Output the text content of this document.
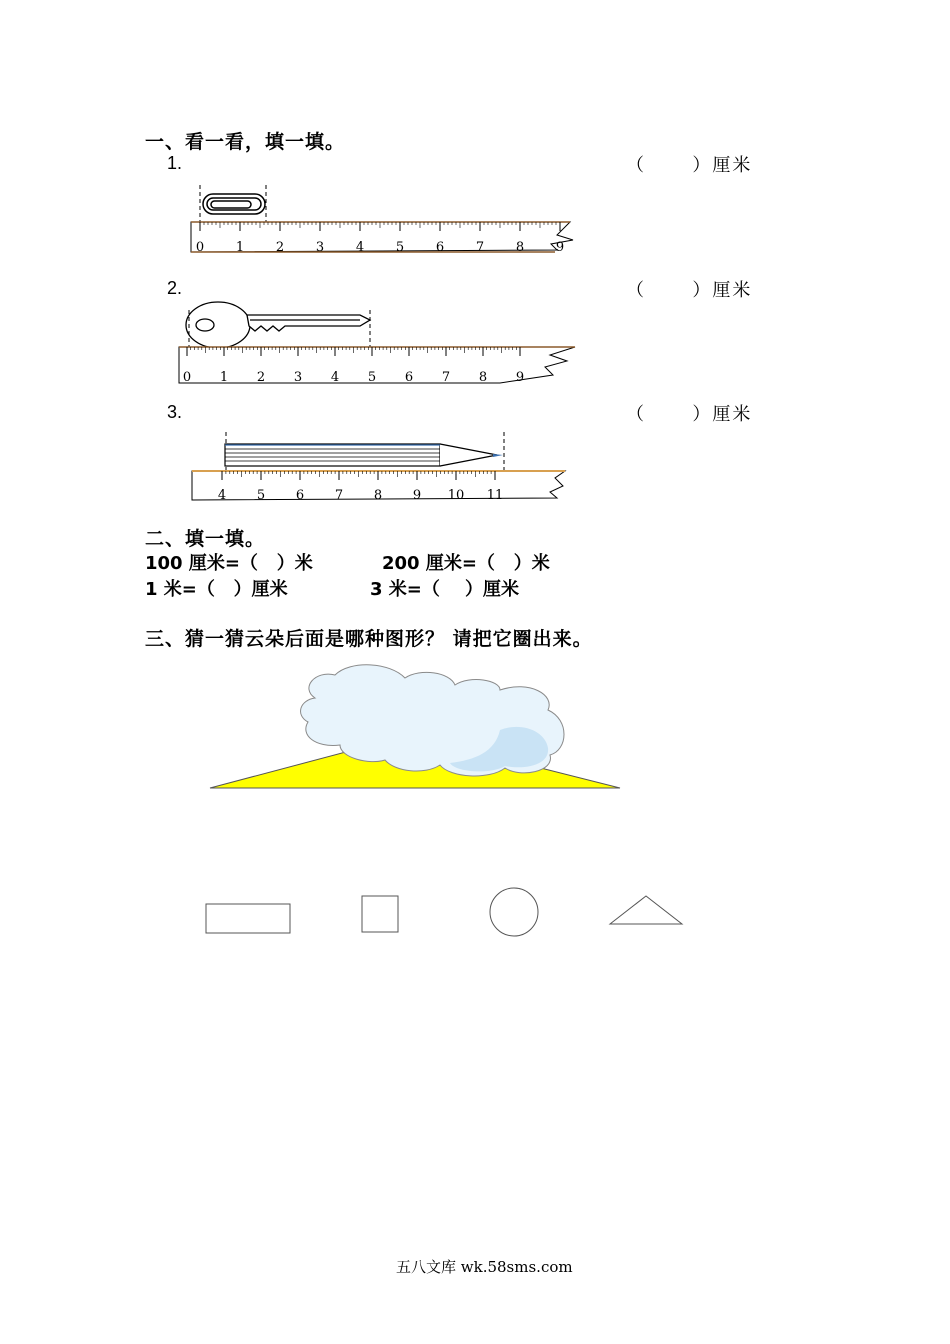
一、看一看，填一填。
1.	（      ）厘米
2.	（      ）厘米
3.	（      ）厘米
0 1 2 3 4 5 6 7 8 9
0 1 2 3 4 5 6 7 8 9
4 5 6 7 8 9 10 11
二、填一填。
100 厘米=（   ）米	200 厘米=（   ）米
1 米=（   ）厘米	3 米=（    ）厘米
三、猜一猜云朵后面是哪种图形？ 请把它圈出来。
五八文库 wk.58sms.com
